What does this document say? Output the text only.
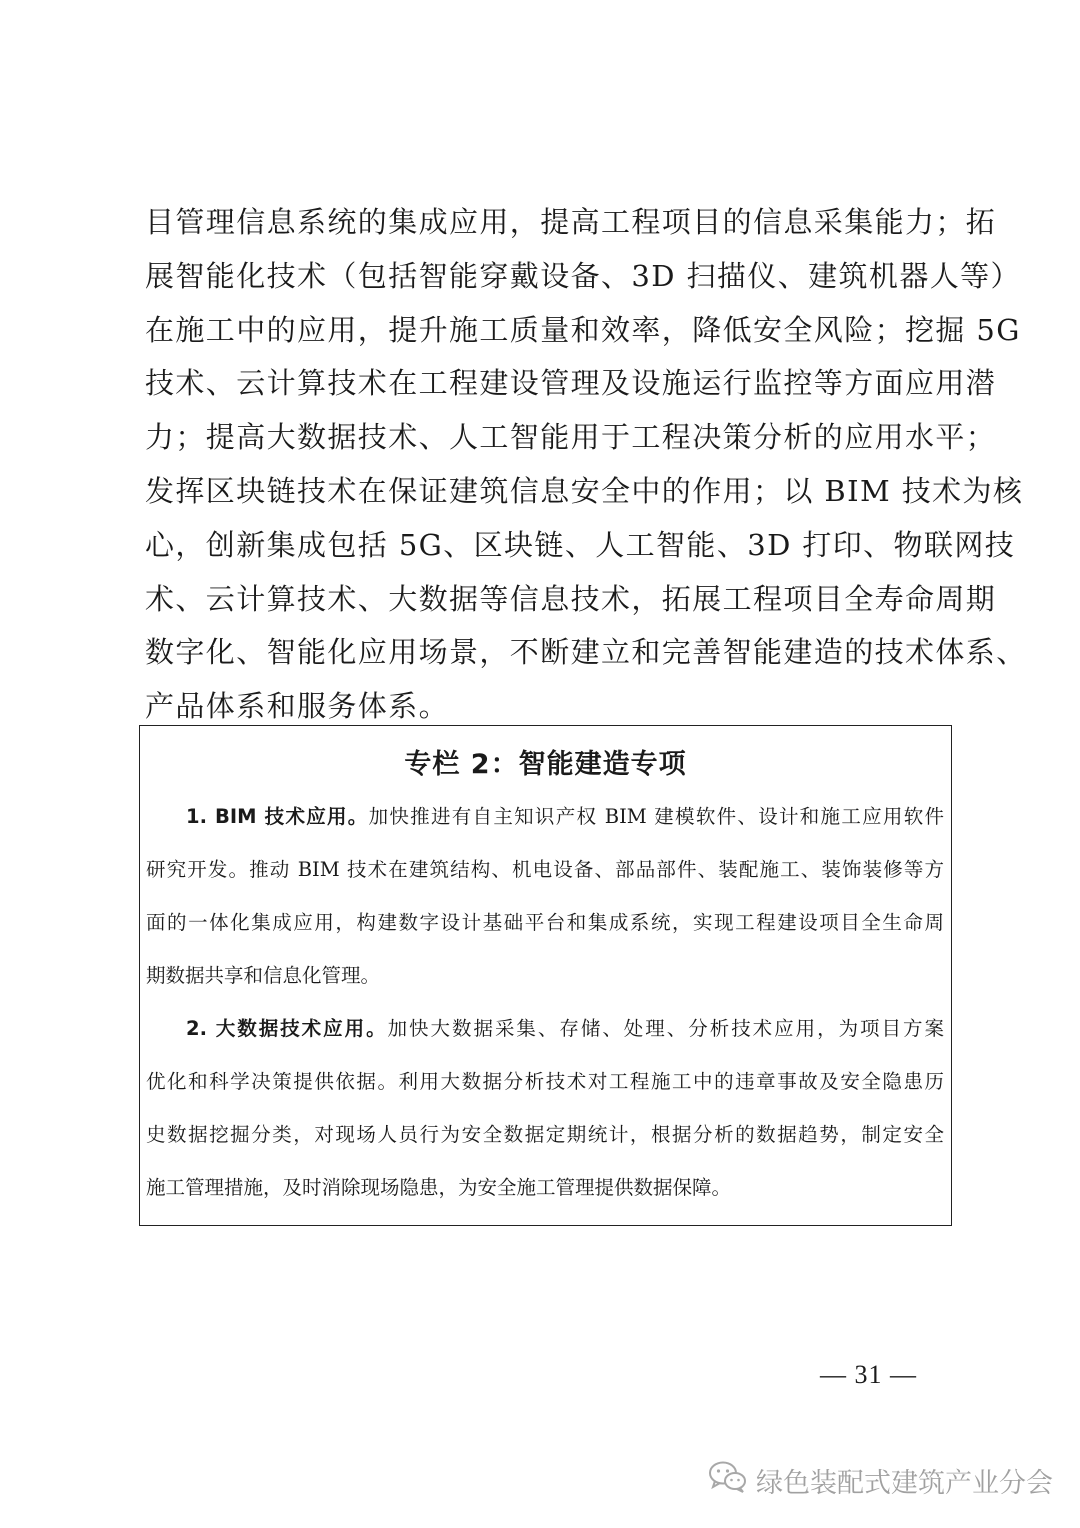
目管理信息系统的集成应用，提高工程项目的信息采集能力；拓
展智能化技术（包括智能穿戴设备、3D 扫描仪、建筑机器人等）
在施工中的应用，提升施工质量和效率，降低安全风险；挖掘 5G
技术、云计算技术在工程建设管理及设施运行监控等方面应用潜
力；提高大数据技术、人工智能用于工程决策分析的应用水平；
发挥区块链技术在保证建筑信息安全中的作用；以 BIM 技术为核
心，创新集成包括 5G、区块链、人工智能、3D 打印、物联网技
术、云计算技术、大数据等信息技术，拓展工程项目全寿命周期
数字化、智能化应用场景，不断建立和完善智能建造的技术体系、
产品体系和服务体系。
专栏 2：智能建造专项
1. BIM 技术应用。加快推进有自主知识产权 BIM 建模软件、设计和施工应用软件
研究开发。推动 BIM 技术在建筑结构、机电设备、部品部件、装配施工、装饰装修等方
面的一体化集成应用，构建数字设计基础平台和集成系统，实现工程建设项目全生命周
期数据共享和信息化管理。
2. 大数据技术应用。加快大数据采集、存储、处理、分析技术应用，为项目方案
优化和科学决策提供依据。利用大数据分析技术对工程施工中的违章事故及安全隐患历
史数据挖掘分类，对现场人员行为安全数据定期统计，根据分析的数据趋势，制定安全
施工管理措施，及时消除现场隐患，为安全施工管理提供数据保障。
— 31 —
绿色装配式建筑产业分会
